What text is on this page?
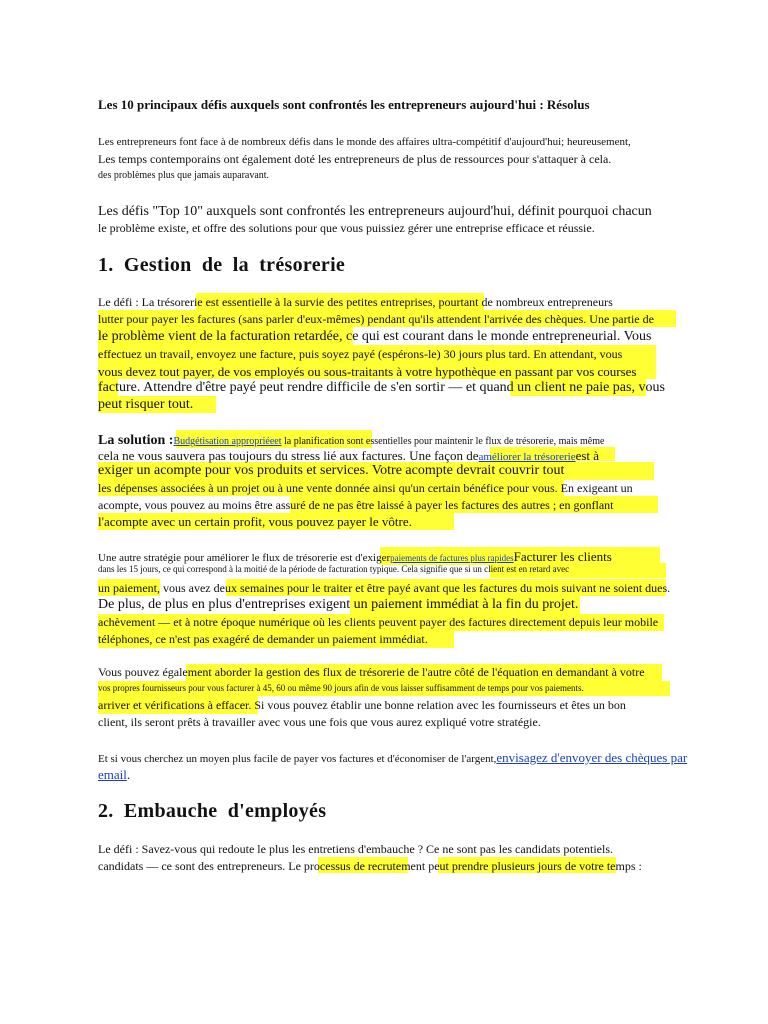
Les 10 principaux défis auxquels sont confrontés les entrepreneurs aujourd'hui : Résolus

Les entrepreneurs font face à de nombreux défis dans le monde des affaires ultra-compétitif d'aujourd'hui; heureusement,

Les temps contemporains ont également doté les entrepreneurs de plus de ressources pour s'attaquer à cela.

des problèmes plus que jamais auparavant.

Les défis "Top 10" auxquels sont confrontés les entrepreneurs aujourd'hui, définit pourquoi chacun

le problème existe, et offre des solutions pour que vous puissiez gérer une entreprise efficace et réussie.

1. Gestion de la trésorerie

Le défi : La trésorerie est essentielle à la survie des petites entreprises, pourtant de nombreux entrepreneurs

lutter pour payer les factures (sans parler d'eux-mêmes) pendant qu'ils attendent l'arrivée des chèques. Une partie de

le problème vient de la facturation retardée, ce qui est courant dans le monde entrepreneurial. Vous

effectuez un travail, envoyez une facture, puis soyez payé (espérons-le) 30 jours plus tard. En attendant, vous

vous devez tout payer, de vos employés ou sous-traitants à votre hypothèque en passant par vos courses

facture. Attendre d'être payé peut rendre difficile de s'en sortir — et quand un client ne paie pas, vous

peut risquer tout.

La solution :Budgétisation appropriéeet la planification sont essentielles pour maintenir le flux de trésorerie, mais même

cela ne vous sauvera pas toujours du stress lié aux factures. Une façon deaméliorer la trésorerieest à

exiger un acompte pour vos produits et services. Votre acompte devrait couvrir tout

les dépenses associées à un projet ou à une vente donnée ainsi qu'un certain bénéfice pour vous. En exigeant un

acompte, vous pouvez au moins être assuré de ne pas être laissé à payer les factures des autres ; en gonflant

l'acompte avec un certain profit, vous pouvez payer le vôtre.

Une autre stratégie pour améliorer le flux de trésorerie est d'exigerpaiements de factures plus rapidesFacturer les clients

dans les 15 jours, ce qui correspond à la moitié de la période de facturation typique. Cela signifie que si un client est en retard avec

un paiement, vous avez deux semaines pour le traiter et être payé avant que les factures du mois suivant ne soient dues.

De plus, de plus en plus d'entreprises exigent un paiement immédiat à la fin du projet.

achèvement — et à notre époque numérique où les clients peuvent payer des factures directement depuis leur mobile

téléphones, ce n'est pas exagéré de demander un paiement immédiat.

Vous pouvez également aborder la gestion des flux de trésorerie de l'autre côté de l'équation en demandant à votre

vos propres fournisseurs pour vous facturer à 45, 60 ou même 90 jours afin de vous laisser suffisamment de temps pour vos paiements.

arriver et vérifications à effacer. Si vous pouvez établir une bonne relation avec les fournisseurs et êtes un bon

client, ils seront prêts à travailler avec vous une fois que vous aurez expliqué votre stratégie.

Et si vous cherchez un moyen plus facile de payer vos factures et d'économiser de l'argent,envisagez d'envoyer des chèques par

email.

2. Embauche d'employés

Le défi : Savez-vous qui redoute le plus les entretiens d'embauche ? Ce ne sont pas les candidats potentiels.

candidats — ce sont des entrepreneurs. Le processus de recrutement peut prendre plusieurs jours de votre temps :
